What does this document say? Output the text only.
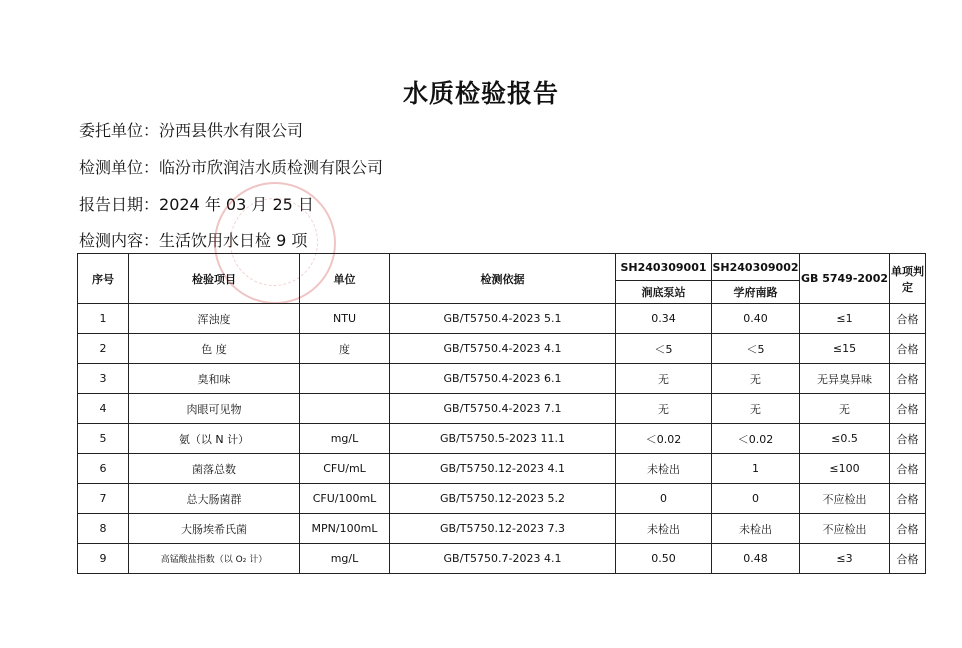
水质检验报告
委托单位：汾西县供水有限公司
检测单位：临汾市欣润洁水质检测有限公司
报告日期：2024 年 03 月 25 日
检测内容：生活饮用水日检 9 项
序号	检验项目	单位	检测依据	SH240309001	SH240309002	GB 5749-2002	单项判定
				涧底泵站	学府南路		
1	浑浊度	NTU	GB/T5750.4-2023 5.1	0.34	0.40	≤1	合格
2	色 度	度	GB/T5750.4-2023 4.1	＜5	＜5	≤15	合格
3	臭和味		GB/T5750.4-2023 6.1	无	无	无异臭异味	合格
4	肉眼可见物		GB/T5750.4-2023 7.1	无	无	无	合格
5	氨（以 N 计）	mg/L	GB/T5750.5-2023 11.1	＜0.02	＜0.02	≤0.5	合格
6	菌落总数	CFU/mL	GB/T5750.12-2023 4.1	未检出	1	≤100	合格
7	总大肠菌群	CFU/100mL	GB/T5750.12-2023 5.2	0	0	不应检出	合格
8	大肠埃希氏菌	MPN/100mL	GB/T5750.12-2023 7.3	未检出	未检出	不应检出	合格
9	高锰酸盐指数（以 O₂ 计）	mg/L	GB/T5750.7-2023 4.1	0.50	0.48	≤3	合格
